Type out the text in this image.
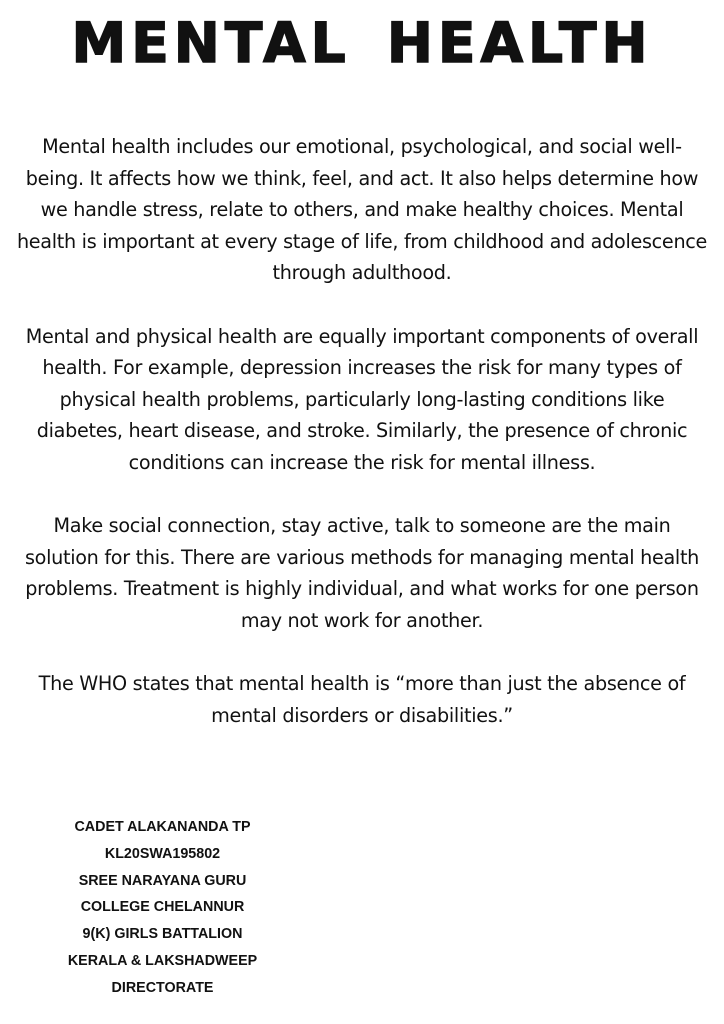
MENTAL HEALTH

Mental health includes our emotional, psychological, and social well-being. It affects how we think, feel, and act. It also helps determine how we handle stress, relate to others, and make healthy choices. Mental health is important at every stage of life, from childhood and adolescence through adulthood.

Mental and physical health are equally important components of overall health. For example, depression increases the risk for many types of physical health problems, particularly long-lasting conditions like diabetes, heart disease, and stroke. Similarly, the presence of chronic conditions can increase the risk for mental illness.

Make social connection, stay active, talk to someone are the main solution for this. There are various methods for managing mental health problems. Treatment is highly individual, and what works for one person may not work for another.

The WHO states that mental health is “more than just the absence of mental disorders or disabilities.”

CADET ALAKANANDA TP
KL20SWA195802
SREE NARAYANA GURU
COLLEGE CHELANNUR
9(K) GIRLS BATTALION
KERALA & LAKSHADWEEP
DIRECTORATE
